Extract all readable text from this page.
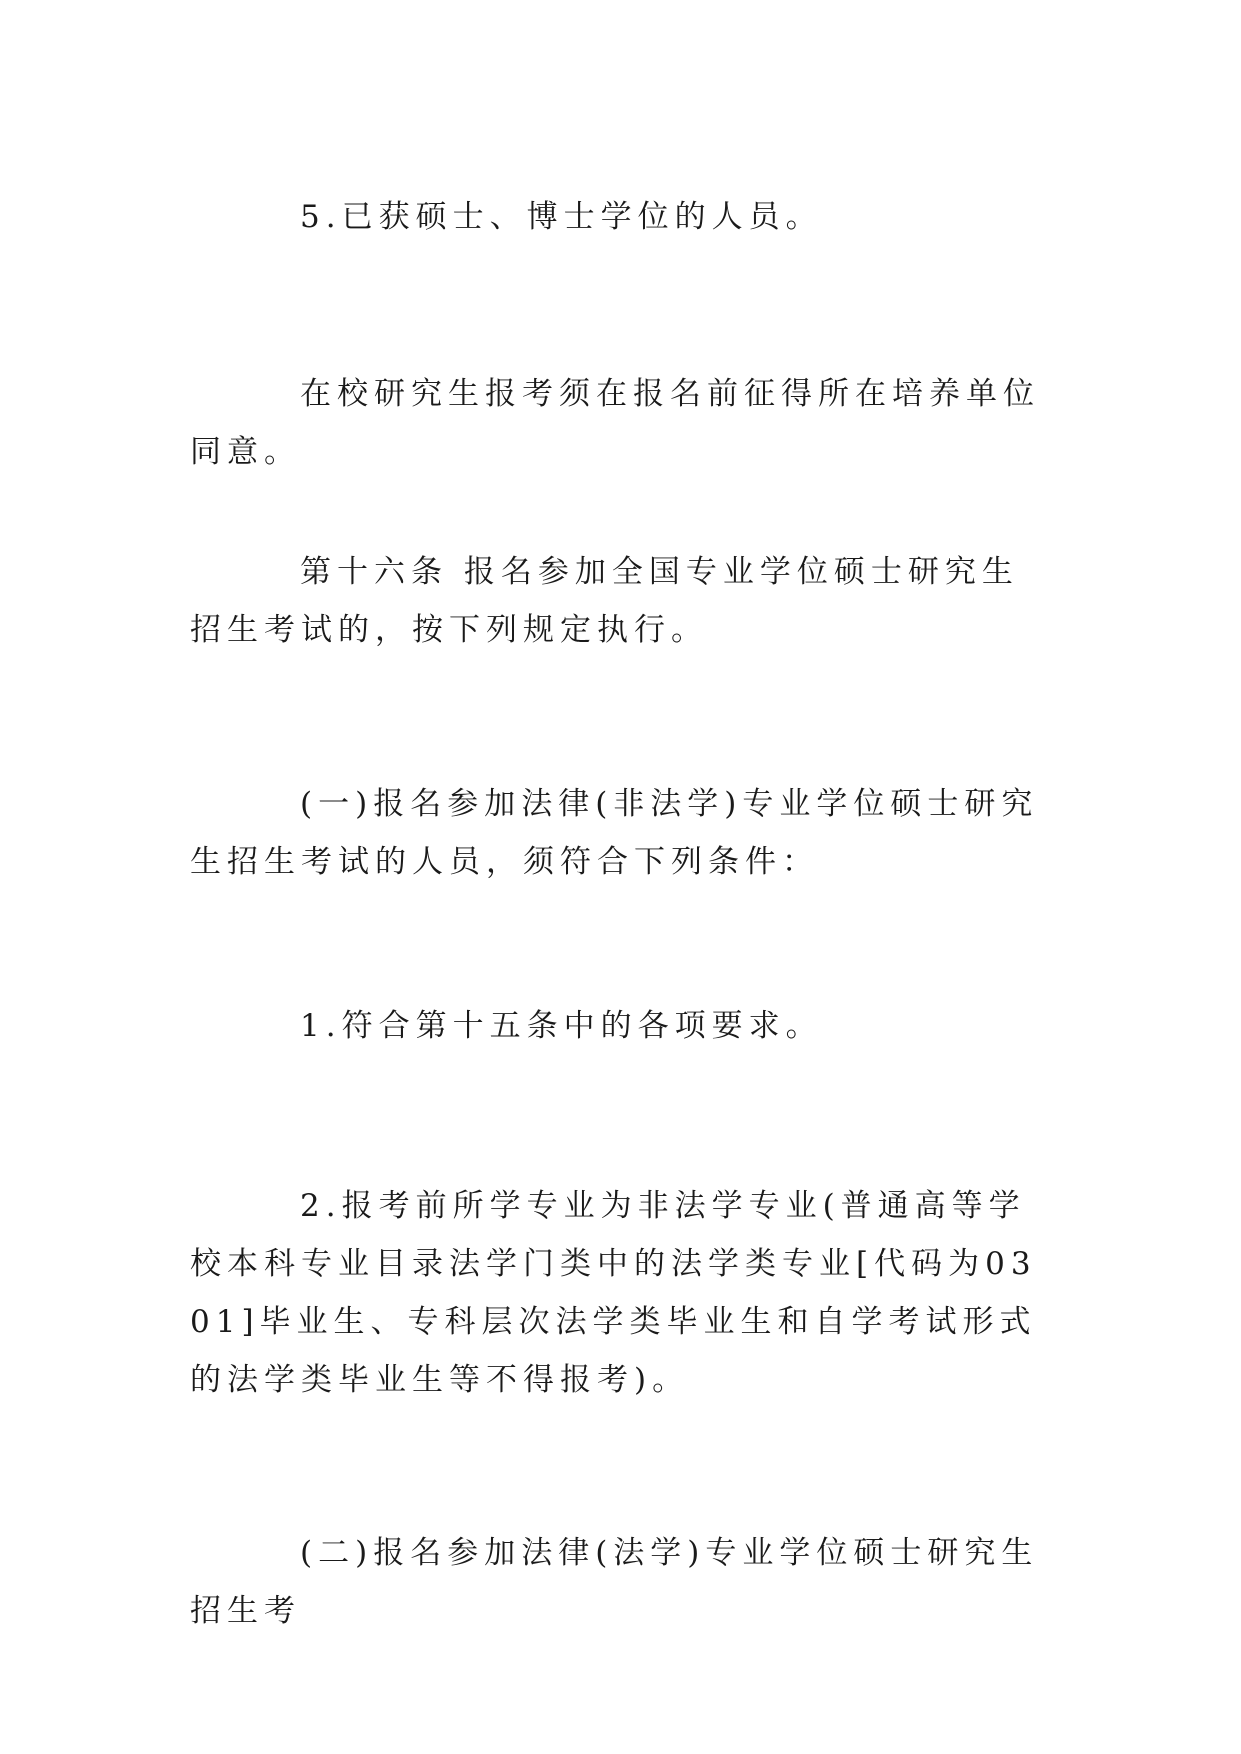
5.已获硕士、博士学位的人员。

在校研究生报考须在报名前征得所在培养单位同意。

第十六条 报名参加全国专业学位硕士研究生招生考试的，按下列规定执行。

(一)报名参加法律(非法学)专业学位硕士研究生招生考试的人员，须符合下列条件：

1.符合第十五条中的各项要求。

2.报考前所学专业为非法学专业(普通高等学校本科专业目录法学门类中的法学类专业[代码为0301]毕业生、专科层次法学类毕业生和自学考试形式的法学类毕业生等不得报考)。

(二)报名参加法律(法学)专业学位硕士研究生招生考
